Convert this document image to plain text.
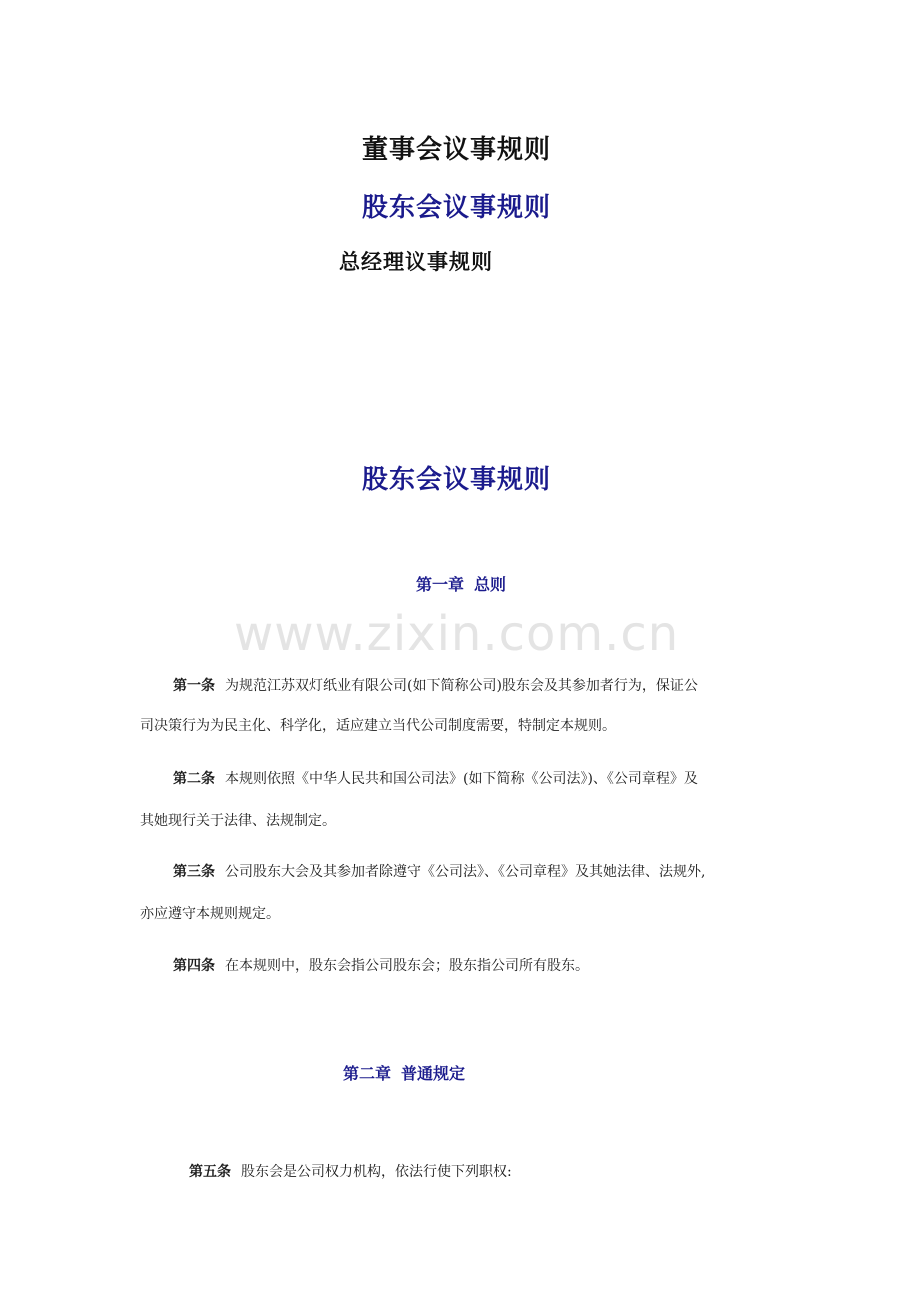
董事会议事规则
股东会议事规则
总经理议事规则
股东会议事规则
第一章 总则
www.zixin.com.cn
第一条 为规范江苏双灯纸业有限公司(如下简称公司)股东会及其参加者行为，保证公
司决策行为为民主化、科学化，适应建立当代公司制度需要，特制定本规则。
第二条 本规则依照《中华人民共和国公司法》(如下简称《公司法》)、《公司章程》及
其她现行关于法律、法规制定。
第三条 公司股东大会及其参加者除遵守《公司法》、《公司章程》及其她法律、法规外,
亦应遵守本规则规定。
第四条 在本规则中，股东会指公司股东会；股东指公司所有股东。
第二章 普通规定
第五条 股东会是公司权力机构，依法行使下列职权:
